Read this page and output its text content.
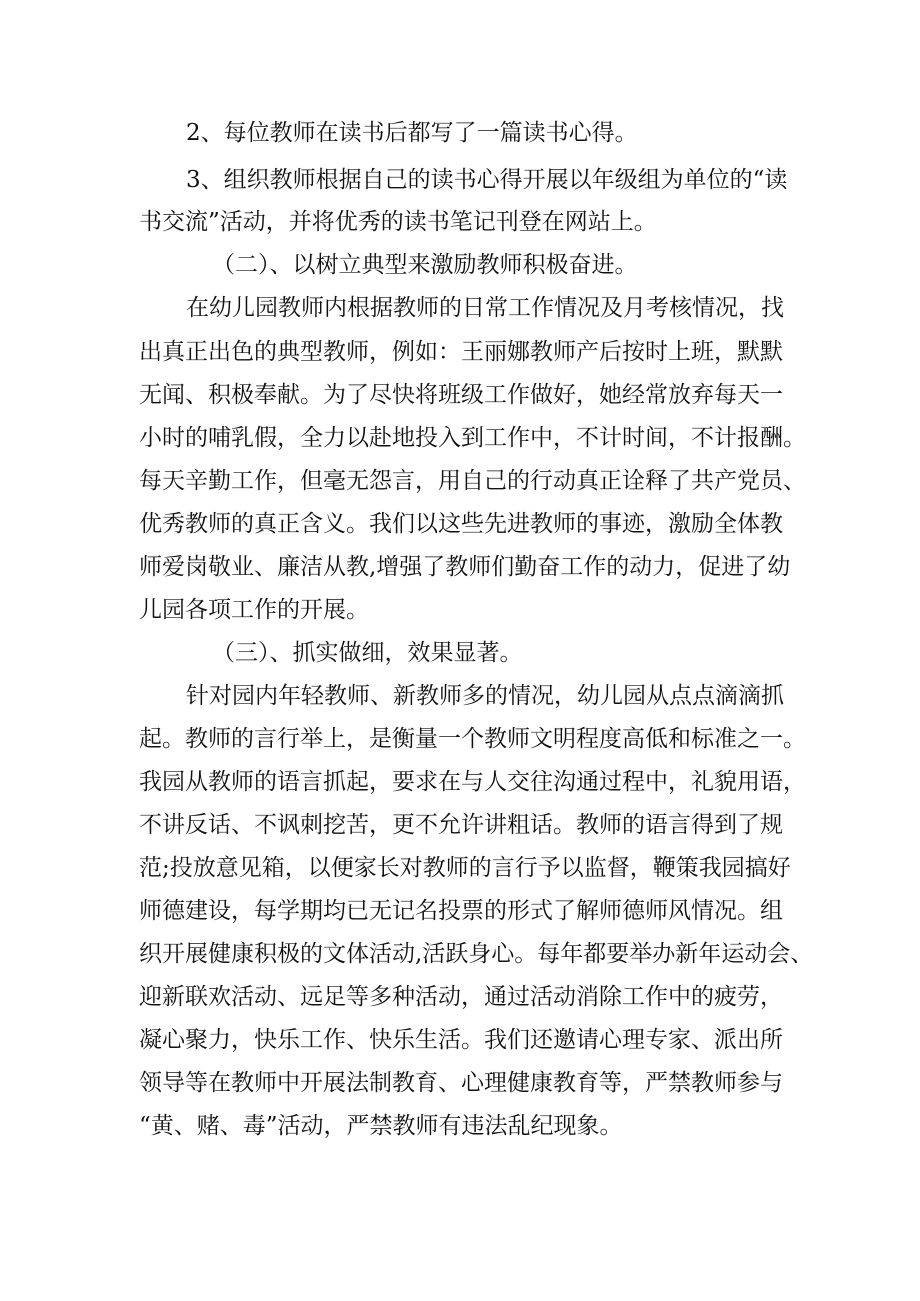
2、每位教师在读书后都写了一篇读书心得。

3、组织教师根据自己的读书心得开展以年级组为单位的“读

书交流”活动，并将优秀的读书笔记刊登在网站上。

（二）、以树立典型来激励教师积极奋进。

在幼儿园教师内根据教师的日常工作情况及月考核情况，找

出真正出色的典型教师，例如：王丽娜教师产后按时上班，默默

无闻、积极奉献。为了尽快将班级工作做好，她经常放弃每天一

小时的哺乳假，全力以赴地投入到工作中，不计时间，不计报酬。

每天辛勤工作，但毫无怨言，用自己的行动真正诠释了共产党员、

优秀教师的真正含义。我们以这些先进教师的事迹，激励全体教

师爱岗敬业、廉洁从教,增强了教师们勤奋工作的动力，促进了幼

儿园各项工作的开展。

（三）、抓实做细，效果显著。

针对园内年轻教师、新教师多的情况，幼儿园从点点滴滴抓

起。教师的言行举上，是衡量一个教师文明程度高低和标准之一。

我园从教师的语言抓起，要求在与人交往沟通过程中，礼貌用语，

不讲反话、不讽刺挖苦，更不允许讲粗话。教师的语言得到了规

范;投放意见箱，以便家长对教师的言行予以监督，鞭策我园搞好

师德建设，每学期均已无记名投票的形式了解师德师风情况。组

织开展健康积极的文体活动,活跃身心。每年都要举办新年运动会、

迎新联欢活动、远足等多种活动，通过活动消除工作中的疲劳，

凝心聚力，快乐工作、快乐生活。我们还邀请心理专家、派出所

领导等在教师中开展法制教育、心理健康教育等，严禁教师参与

“黄、赌、毒”活动，严禁教师有违法乱纪现象。
